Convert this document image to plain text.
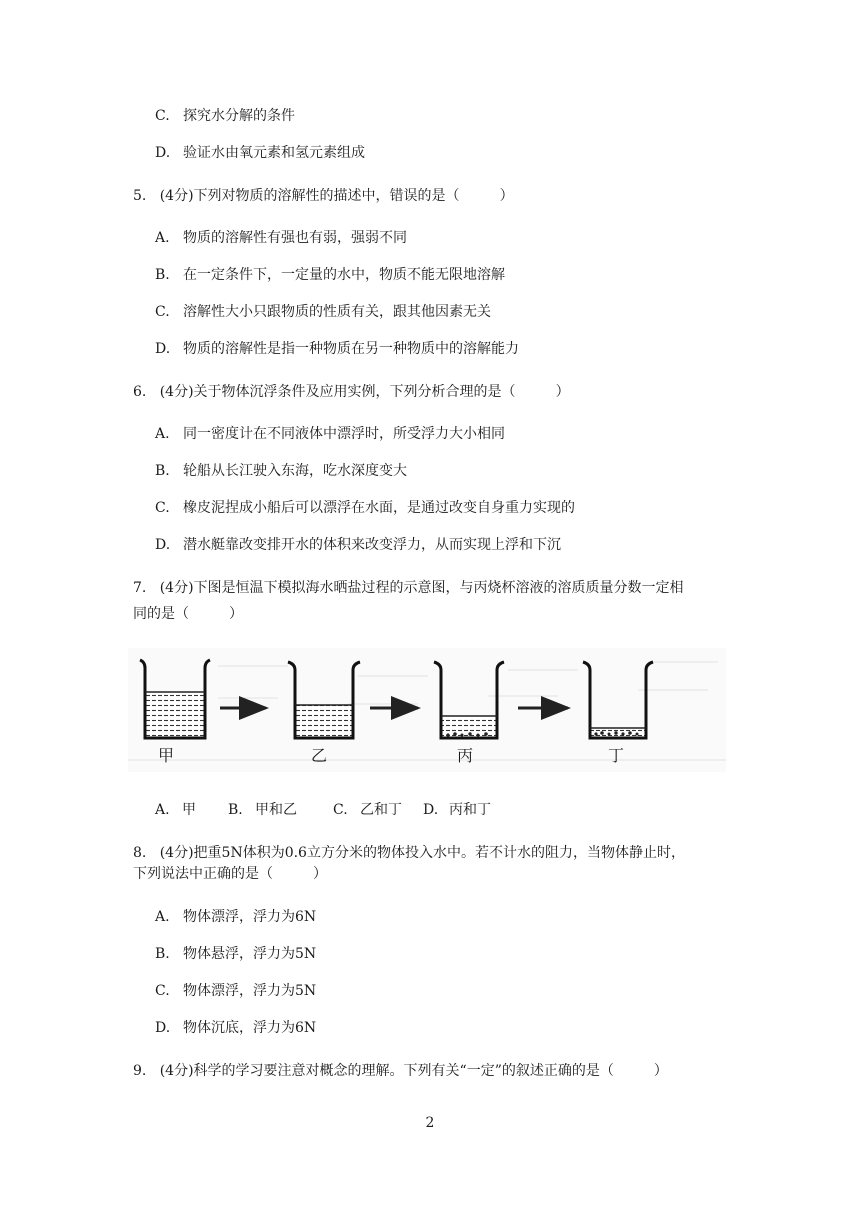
C. 探究水分解的条件
D. 验证水由氧元素和氢元素组成
5.   (4分)下列对物质的溶解性的描述中，错误的是（         ）
A. 物质的溶解性有强也有弱，强弱不同
B. 在一定条件下，一定量的水中，物质不能无限地溶解
C. 溶解性大小只跟物质的性质有关，跟其他因素无关
D. 物质的溶解性是指一种物质在另一种物质中的溶解能力
6.   (4分)关于物体沉浮条件及应用实例，下列分析合理的是（         ）
A. 同一密度计在不同液体中漂浮时，所受浮力大小相同
B. 轮船从长江驶入东海，吃水深度变大
C. 橡皮泥捏成小船后可以漂浮在水面，是通过改变自身重力实现的
D. 潜水艇靠改变排开水的体积来改变浮力，从而实现上浮和下沉
7.   (4分)下图是恒温下模拟海水晒盐过程的示意图，与丙烧杯溶液的溶质质量分数一定相
同的是（         ）
甲	乙	丙	丁
A. 甲 B. 甲和乙	C. 乙和丁 D. 丙和丁
8.   (4分)把重5N体积为0.6立方分米的物体投入水中。若不计水的阻力，当物体静止时，
下列说法中正确的是（         ）
A. 物体漂浮，浮力为6N
B. 物体悬浮，浮力为5N
C. 物体漂浮，浮力为5N
D. 物体沉底，浮力为6N
9.   (4分)科学的学习要注意对概念的理解。下列有关“一定”的叙述正确的是（         ）
2
